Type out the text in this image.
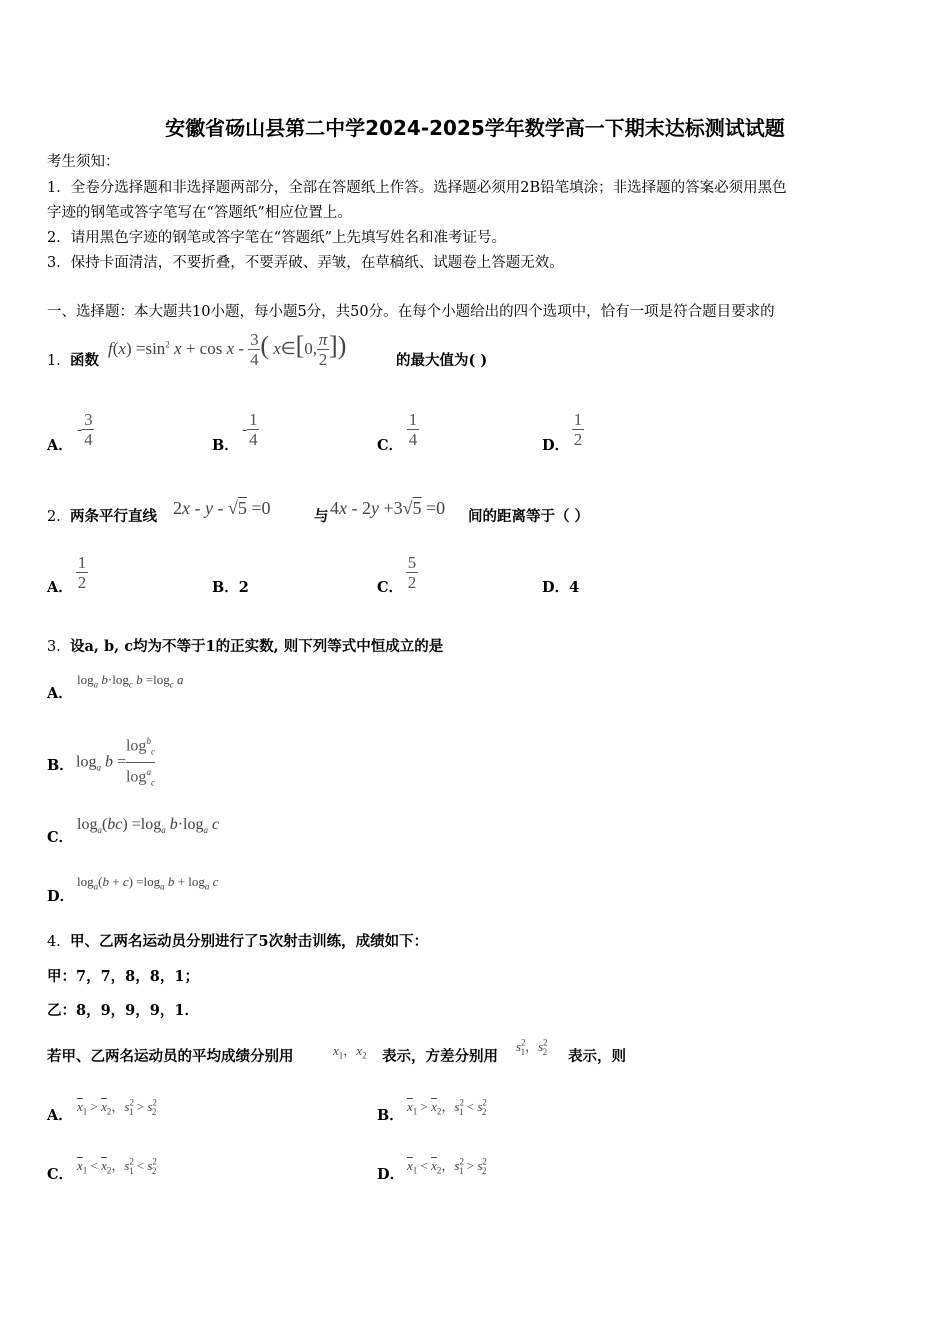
安徽省砀山县第二中学2024-2025学年数学高一下期末达标测试试题
考生须知：
1．全卷分选择题和非选择题两部分，全部在答题纸上作答。选择题必须用2B铅笔填涂；非选择题的答案必须用黑色
字迹的钢笔或答字笔写在“答题纸”相应位置上。
2．请用黑色字迹的钢笔或答字笔在“答题纸”上先填写姓名和准考证号。
3．保持卡面清洁，不要折叠，不要弄破、弄皱，在草稿纸、试题卷上答题无效。
一、选择题：本大题共10小题，每小题5分，共50分。在每个小题给出的四个选项中，恰有一项是符合题目要求的
1． 函数
$f(x) =\sin^2$ $x + \cos x - \frac{3}{4}$ ( x∈[0, $\frac{\pi}{2}$ ])
的最大值为( )
A．
- $\frac{3}{4}$	B．
- $\frac{1}{4}$	C． $\frac{1}{4}$	D． $\frac{1}{2}$
2． 两条平行直线 2x - y - √5 =0	与 4x - 2y +3√5 =0 间的距离等于（ ）
A． $\frac{1}{2}$	B．2	C． $\frac{5}{2}$	D．4
3． 设a, b, c均为不等于1的正实数, 则下列等式中恒成立的是
A．
$\log_a b\cdot\log_c$ $b =\log_c$ a
B． $\log_a b = \frac{\log^b_c}{\log^a_c}$
C．
$\log_a(bc) =\log_a$ $b\cdot\log_a$ c
D．
$\log_a(b + c) =\log_a$ $b + \log_a c$
4． 甲、乙两名运动员分别进行了5次射击训练，成绩如下：
甲：7，7，8，8，1；
乙：8，9，9，9，1．
若甲、乙两名运动员的平均成绩分别用	$x_1$，$x_2$ 表示，方差分别用
$s^2_1$，$s^2_2$ 表示，则
A．
$\overline{x}_1 > \overline{x}_2$，$s^2_1 > s^2_2$	B．
$\overline{x}_1 > \overline{x}_2$，$s^2_1 < s^2_2$
C．
$\overline{x}_1 < \overline{x}_2$，$s^2_1 < s^2_2$	D．
$\overline{x}_1 < \overline{x}_2$，$s^2_1 > s^2_2$
